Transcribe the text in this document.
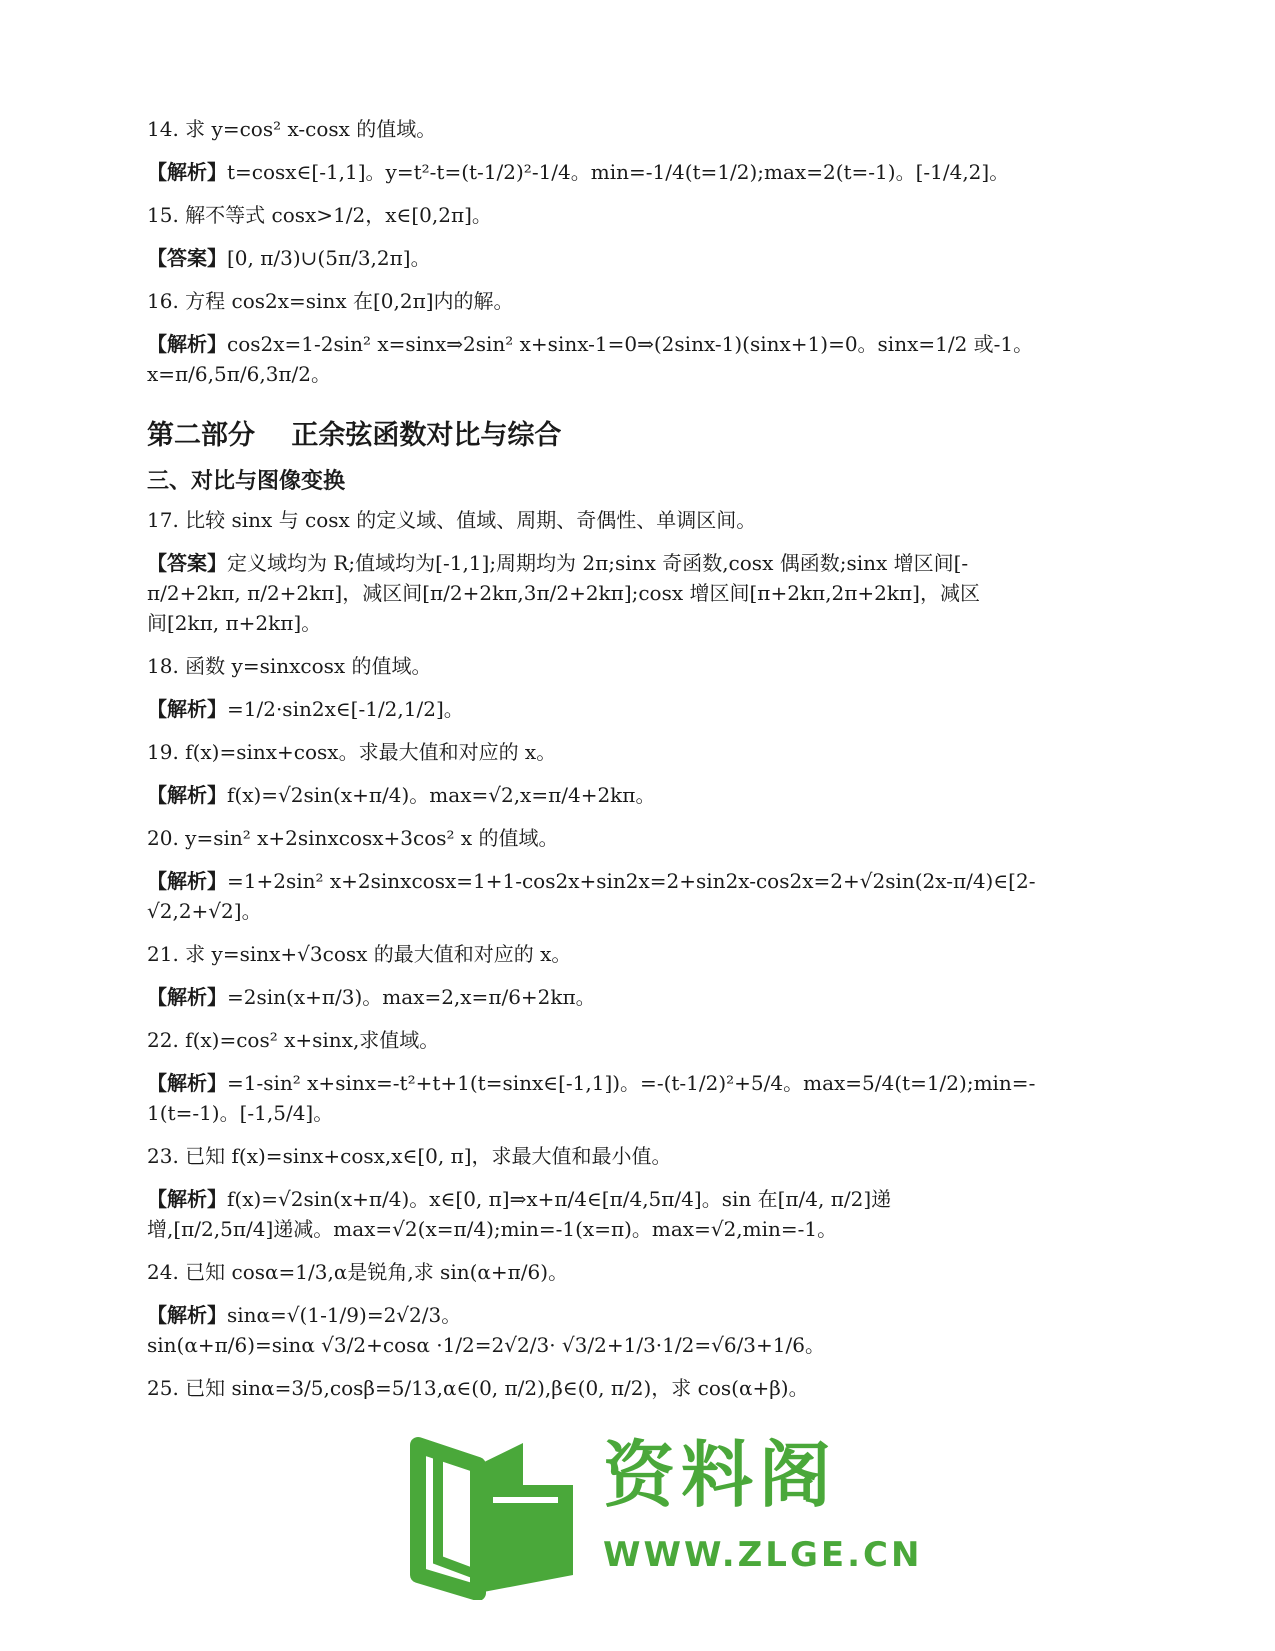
14. 求 y=cos² x-cosx 的值域。
【解析】t=cosx∈[-1,1]。y=t²-t=(t-1/2)²-1/4。min=-1/4(t=1/2);max=2(t=-1)。[-1/4,2]。
15. 解不等式 cosx>1/2，x∈[0,2π]。
【答案】[0, π/3)∪(5π/3,2π]。
16. 方程 cos2x=sinx 在[0,2π]内的解。
【解析】cos2x=1-2sin² x=sinx⇒2sin² x+sinx-1=0⇒(2sinx-1)(sinx+1)=0。sinx=1/2 或-1。
x=π/6,5π/6,3π/2。
第二部分　 正余弦函数对比与综合
三、对比与图像变换
17. 比较 sinx 与 cosx 的定义域、值域、周期、奇偶性、单调区间。
【答案】定义域均为 R;值域均为[-1,1];周期均为 2π;sinx 奇函数,cosx 偶函数;sinx 增区间[-
π/2+2kπ, π/2+2kπ]，减区间[π/2+2kπ,3π/2+2kπ];cosx 增区间[π+2kπ,2π+2kπ]，减区
间[2kπ, π+2kπ]。
18. 函数 y=sinxcosx 的值域。
【解析】=1/2·sin2x∈[-1/2,1/2]。
19. f(x)=sinx+cosx。求最大值和对应的 x。
【解析】f(x)=√2sin(x+π/4)。max=√2,x=π/4+2kπ。
20. y=sin² x+2sinxcosx+3cos² x 的值域。
【解析】=1+2sin² x+2sinxcosx=1+1-cos2x+sin2x=2+sin2x-cos2x=2+√2sin(2x-π/4)∈[2-
√2,2+√2]。
21. 求 y=sinx+√3cosx 的最大值和对应的 x。
【解析】=2sin(x+π/3)。max=2,x=π/6+2kπ。
22. f(x)=cos² x+sinx,求值域。
【解析】=1-sin² x+sinx=-t²+t+1(t=sinx∈[-1,1])。=-(t-1/2)²+5/4。max=5/4(t=1/2);min=-
1(t=-1)。[-1,5/4]。
23. 已知 f(x)=sinx+cosx,x∈[0, π]，求最大值和最小值。
【解析】f(x)=√2sin(x+π/4)。x∈[0, π]⇒x+π/4∈[π/4,5π/4]。sin 在[π/4, π/2]递
增,[π/2,5π/4]递减。max=√2(x=π/4);min=-1(x=π)。max=√2,min=-1。
24. 已知 cosα=1/3,α是锐角,求 sin(α+π/6)。
【解析】sinα=√(1-1/9)=2√2/3。
sin(α+π/6)=sinα √3/2+cosα ·1/2=2√2/3· √3/2+1/3·1/2=√6/3+1/6。
25. 已知 sinα=3/5,cosβ=5/13,α∈(0, π/2),β∈(0, π/2)，求 cos(α+β)。
资料阁
WWW.ZLGE.CN
